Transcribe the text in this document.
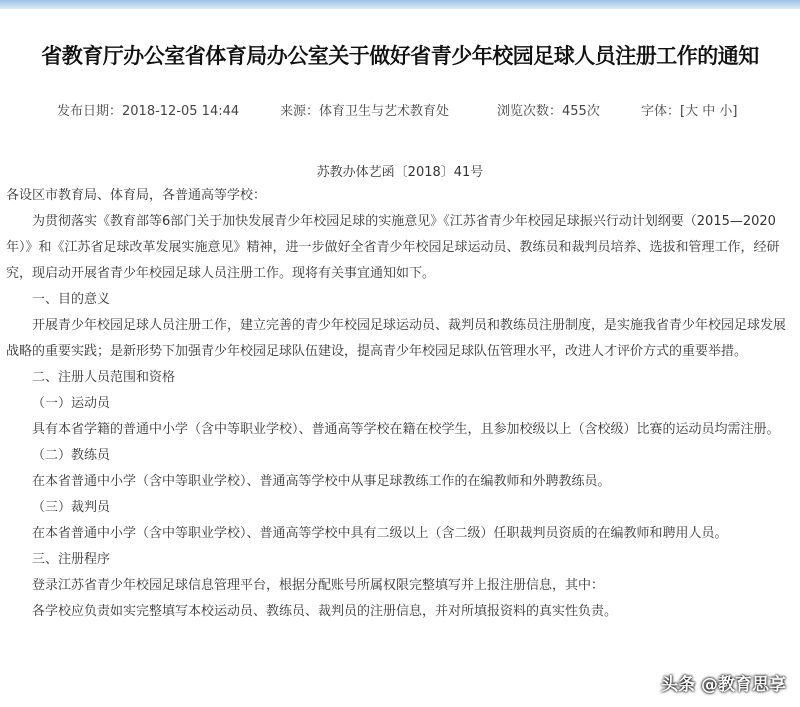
省教育厅办公室省体育局办公室关于做好省青少年校园足球人员注册工作的通知
发布日期：2018-12-05 14:44	来源：体育卫生与艺术教育处	浏览次数：455次	字体：[大 中 小]
苏教办体艺函〔2018〕41号

各设区市教育局、体育局，各普通高等学校：

为贯彻落实《教育部等6部门关于加快发展青少年校园足球的实施意见》《江苏省青少年校园足球振兴行动计划纲要（2015—2020年）》和《江苏省足球改革发展实施意见》精神，进一步做好全省青少年校园足球运动员、教练员和裁判员培养、选拔和管理工作，经研究，现启动开展省青少年校园足球人员注册工作。现将有关事宜通知如下。

一、目的意义

开展青少年校园足球人员注册工作，建立完善的青少年校园足球运动员、裁判员和教练员注册制度，是实施我省青少年校园足球发展战略的重要实践；是新形势下加强青少年校园足球队伍建设，提高青少年校园足球队伍管理水平，改进人才评价方式的重要举措。

二、注册人员范围和资格

（一）运动员

具有本省学籍的普通中小学（含中等职业学校）、普通高等学校在籍在校学生，且参加校级以上（含校级）比赛的运动员均需注册。

（二）教练员

在本省普通中小学（含中等职业学校）、普通高等学校中从事足球教练工作的在编教师和外聘教练员。

（三）裁判员

在本省普通中小学（含中等职业学校）、普通高等学校中具有二级以上（含二级）任职裁判员资质的在编教师和聘用人员。

三、注册程序

登录江苏省青少年校园足球信息管理平台，根据分配账号所属权限完整填写并上报注册信息，其中：

各学校应负责如实完整填写本校运动员、教练员、裁判员的注册信息，并对所填报资料的真实性负责。

头条 @教育思享
